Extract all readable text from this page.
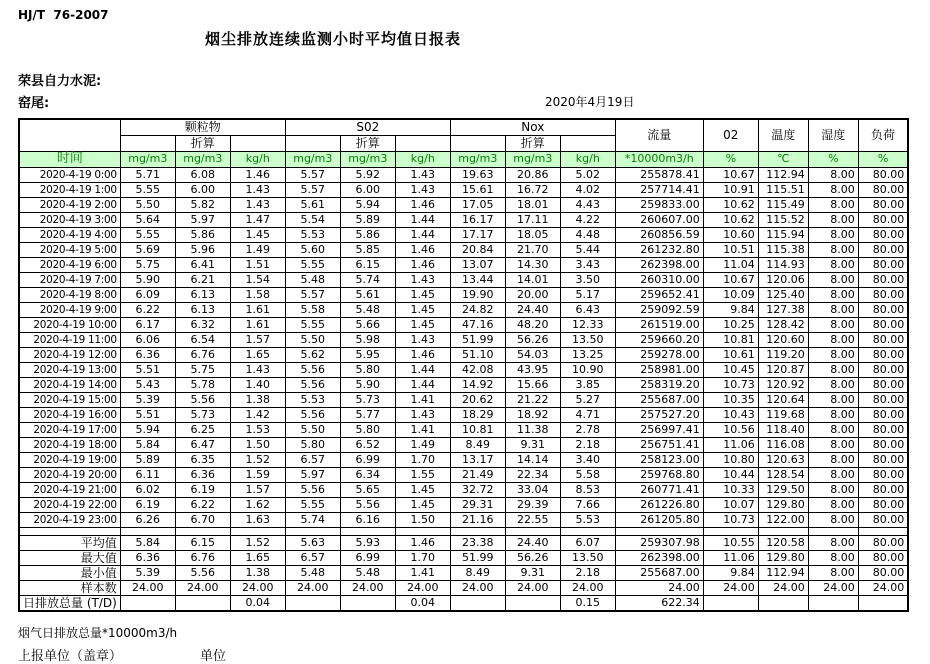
HJ/T  76-2007
烟尘排放连续监测小时平均值日报表
荣县自力水泥:
窑尾:	2020年4月19日
	颗粒物			S02			Nox			流量	02	温度	湿度	负荷
		折算			折算			折算						
时间	mg/m3	mg/m3	kg/h	mg/m3	mg/m3	kg/h	mg/m3	mg/m3	kg/h	*10000m3/h	%	℃	%	%
2020-4-19 0:00	5.71	6.08	1.46	5.57	5.92	1.43	19.63	20.86	5.02	255878.41	10.67	112.94	8.00	80.00
2020-4-19 1:00	5.55	6.00	1.43	5.57	6.00	1.43	15.61	16.72	4.02	257714.41	10.91	115.51	8.00	80.00
2020-4-19 2:00	5.50	5.82	1.43	5.61	5.94	1.46	17.05	18.01	4.43	259833.00	10.62	115.49	8.00	80.00
2020-4-19 3:00	5.64	5.97	1.47	5.54	5.89	1.44	16.17	17.11	4.22	260607.00	10.62	115.52	8.00	80.00
2020-4-19 4:00	5.55	5.86	1.45	5.53	5.86	1.44	17.17	18.05	4.48	260856.59	10.60	115.94	8.00	80.00
2020-4-19 5:00	5.69	5.96	1.49	5.60	5.85	1.46	20.84	21.70	5.44	261232.80	10.51	115.38	8.00	80.00
2020-4-19 6:00	5.75	6.41	1.51	5.55	6.15	1.46	13.07	14.30	3.43	262398.00	11.04	114.93	8.00	80.00
2020-4-19 7:00	5.90	6.21	1.54	5.48	5.74	1.43	13.44	14.01	3.50	260310.00	10.67	120.06	8.00	80.00
2020-4-19 8:00	6.09	6.13	1.58	5.57	5.61	1.45	19.90	20.00	5.17	259652.41	10.09	125.40	8.00	80.00
2020-4-19 9:00	6.22	6.13	1.61	5.58	5.48	1.45	24.82	24.40	6.43	259092.59	9.84	127.38	8.00	80.00
2020-4-19 10:00	6.17	6.32	1.61	5.55	5.66	1.45	47.16	48.20	12.33	261519.00	10.25	128.42	8.00	80.00
2020-4-19 11:00	6.06	6.54	1.57	5.50	5.98	1.43	51.99	56.26	13.50	259660.20	10.81	120.60	8.00	80.00
2020-4-19 12:00	6.36	6.76	1.65	5.62	5.95	1.46	51.10	54.03	13.25	259278.00	10.61	119.20	8.00	80.00
2020-4-19 13:00	5.51	5.75	1.43	5.56	5.80	1.44	42.08	43.95	10.90	258981.00	10.45	120.87	8.00	80.00
2020-4-19 14:00	5.43	5.78	1.40	5.56	5.90	1.44	14.92	15.66	3.85	258319.20	10.73	120.92	8.00	80.00
2020-4-19 15:00	5.39	5.56	1.38	5.53	5.73	1.41	20.62	21.22	5.27	255687.00	10.35	120.64	8.00	80.00
2020-4-19 16:00	5.51	5.73	1.42	5.56	5.77	1.43	18.29	18.92	4.71	257527.20	10.43	119.68	8.00	80.00
2020-4-19 17:00	5.94	6.25	1.53	5.50	5.80	1.41	10.81	11.38	2.78	256997.41	10.56	118.40	8.00	80.00
2020-4-19 18:00	5.84	6.47	1.50	5.80	6.52	1.49	8.49	9.31	2.18	256751.41	11.06	116.08	8.00	80.00
2020-4-19 19:00	5.89	6.35	1.52	6.57	6.99	1.70	13.17	14.14	3.40	258123.00	10.80	120.63	8.00	80.00
2020-4-19 20:00	6.11	6.36	1.59	5.97	6.34	1.55	21.49	22.34	5.58	259768.80	10.44	128.54	8.00	80.00
2020-4-19 21:00	6.02	6.19	1.57	5.56	5.65	1.45	32.72	33.04	8.53	260771.41	10.33	129.50	8.00	80.00
2020-4-19 22:00	6.19	6.22	1.62	5.55	5.56	1.45	29.31	29.39	7.66	261226.80	10.07	129.80	8.00	80.00
2020-4-19 23:00	6.26	6.70	1.63	5.74	6.16	1.50	21.16	22.55	5.53	261205.80	10.73	122.00	8.00	80.00

平均值	5.84	6.15	1.52	5.63	5.93	1.46	23.38	24.40	6.07	259307.98	10.55	120.58	8.00	80.00
最大值	6.36	6.76	1.65	6.57	6.99	1.70	51.99	56.26	13.50	262398.00	11.06	129.80	8.00	80.00
最小值	5.39	5.56	1.38	5.48	5.48	1.41	8.49	9.31	2.18	255687.00	9.84	112.94	8.00	80.00
样本数	24.00	24.00	24.00	24.00	24.00	24.00	24.00	24.00	24.00	24.00	24.00	24.00	24.00	24.00
日排放总量 (T/D)			0.04			0.04			0.15	622.34				
烟气日排放总量*10000m3/h
上报单位（盖章）	单位
